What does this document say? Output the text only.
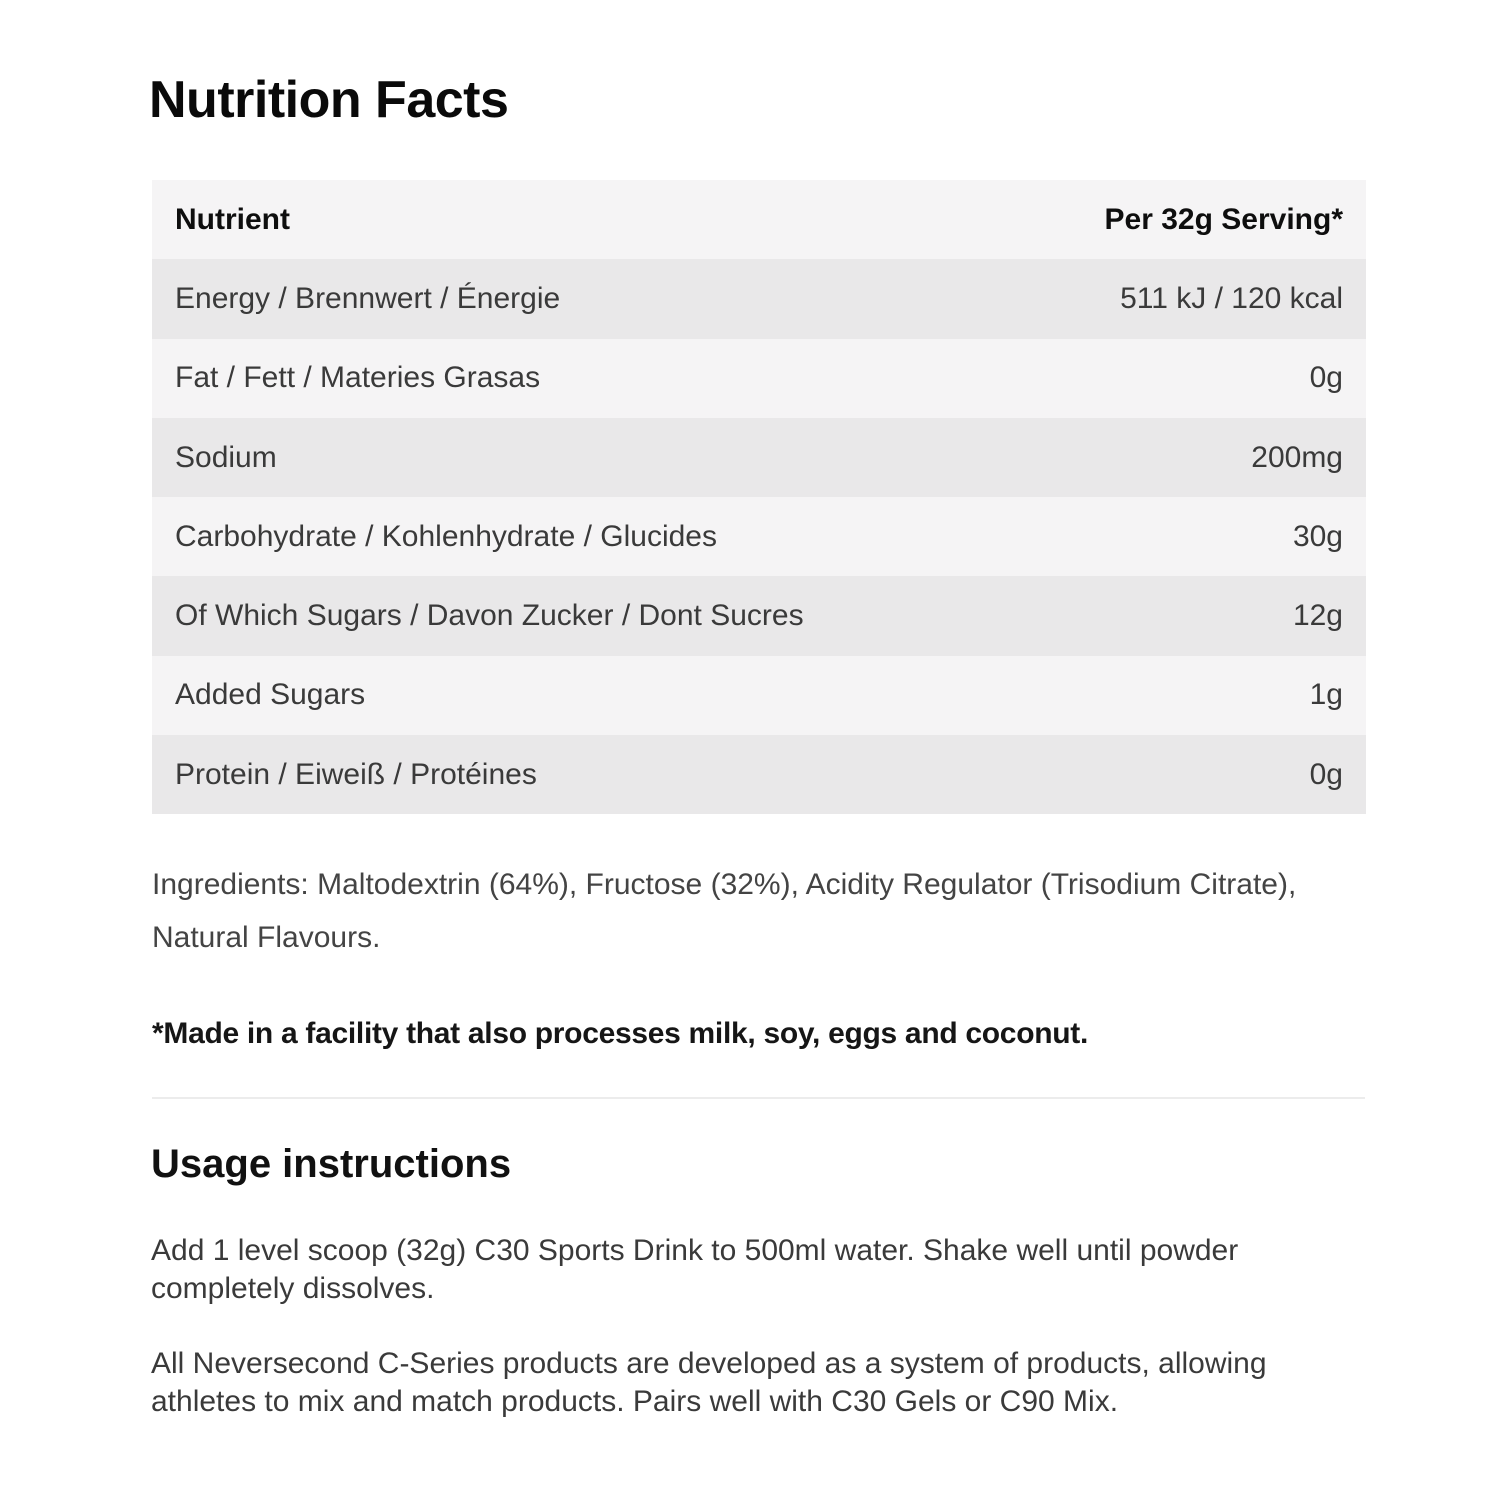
Nutrition Facts
Nutrient	Per 32g Serving*
Energy / Brennwert / Énergie	511 kJ / 120 kcal
Fat / Fett / Materies Grasas	0g
Sodium	200mg
Carbohydrate / Kohlenhydrate / Glucides	30g
Of Which Sugars / Davon Zucker / Dont Sucres	12g
Added Sugars	1g
Protein / Eiweiß / Protéines	0g

Ingredients: Maltodextrin (64%), Fructose (32%), Acidity Regulator (Trisodium Citrate), Natural Flavours.

*Made in a facility that also processes milk, soy, eggs and coconut.

Usage instructions

Add 1 level scoop (32g) C30 Sports Drink to 500ml water. Shake well until powder completely dissolves.

All Neversecond C-Series products are developed as a system of products, allowing athletes to mix and match products. Pairs well with C30 Gels or C90 Mix.
